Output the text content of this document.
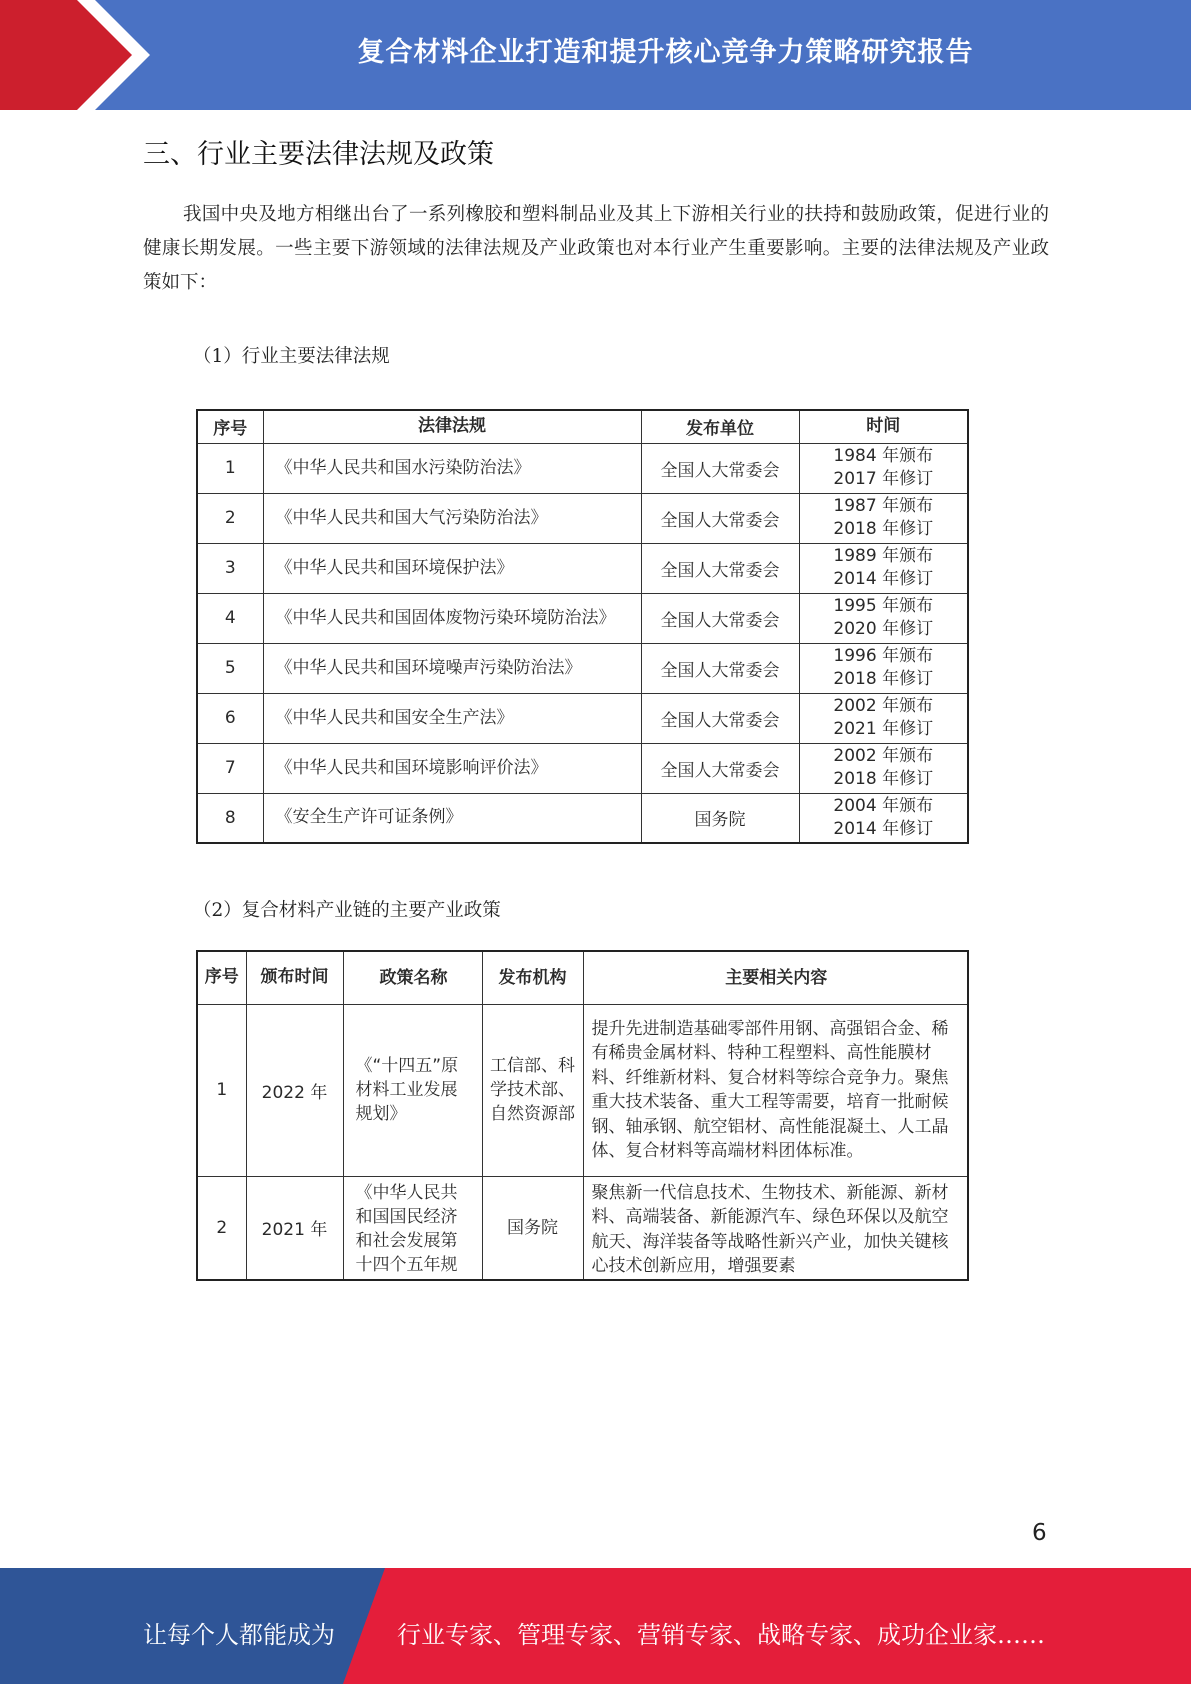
复合材料企业打造和提升核心竞争力策略研究报告
三、行业主要法律法规及政策

我国中央及地方相继出台了一系列橡胶和塑料制品业及其上下游相关行业的扶持和鼓励政策，促进行业的健康长期发展。一些主要下游领域的法律法规及产业政策也对本行业产生重要影响。主要的法律法规及产业政策如下：

（1）行业主要法律法规
序号	法律法规	发布单位	时间
1	《中华人民共和国水污染防治法》	全国人大常委会	1984 年颁布
2017 年修订

2	《中华人民共和国大气污染防治法》	全国人大常委会	1987 年颁布
2018 年修订

3	《中华人民共和国环境保护法》	全国人大常委会	1989 年颁布
2014 年修订

4	《中华人民共和国固体废物污染环境防治法》	全国人大常委会	1995 年颁布
2020 年修订

5	《中华人民共和国环境噪声污染防治法》	全国人大常委会	1996 年颁布
2018 年修订

6	《中华人民共和国安全生产法》	全国人大常委会	2002 年颁布
2021 年修订

7	《中华人民共和国环境影响评价法》	全国人大常委会	2002 年颁布
2018 年修订

8	《安全生产许可证条例》	国务院	2004 年颁布
2014 年修订
（2）复合材料产业链的主要产业政策
序号	颁布时间	政策名称	发布机构	主要相关内容
1	2022 年	《“十四五”原材料工业发展规划》	工信部、科学技术部、自然资源部	提升先进制造基础零部件用钢、高强铝合金、稀有稀贵金属材料、特种工程塑料、高性能膜材料、纤维新材料、复合材料等综合竞争力。聚焦重大技术装备、重大工程等需要，培育一批耐候钢、轴承钢、航空铝材、高性能混凝土、人工晶体、复合材料等高端材料团体标准。
2	2021 年	《中华人民共和国国民经济和社会发展第十四个五年规	国务院	聚焦新一代信息技术、生物技术、新能源、新材料、高端装备、新能源汽车、绿色环保以及航空航天、海洋装备等战略性新兴产业，加快关键核心技术创新应用，增强要素
6
让每个人都能成为	行业专家、管理专家、营销专家、战略专家、成功企业家……
